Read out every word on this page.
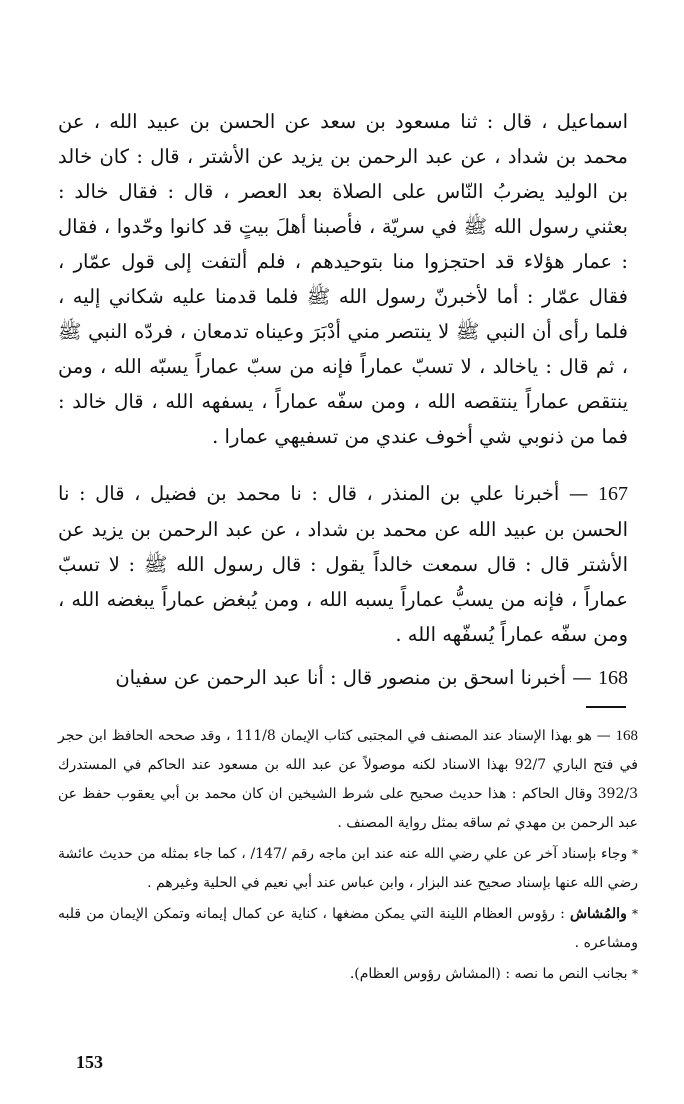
اسماعيل ، قال : ثنا مسعود بن سعد عن الحسن بن عبيد الله ، عن محمد بن شداد ، عن عبد الرحمن بن يزيد عن الأشتر ، قال : كان خالد بن الوليد يضربُ النّاس على الصلاة بعد العصر ، قال : فقال خالد : بعثني رسول الله ﷺ في سريّة ، فأصبنا أهلَ بيتٍ قد كانوا وحّدوا ، فقال : عمار هؤلاء قد احتجزوا منا بتوحيدهم ، فلم ألتفت إلى قول عمّار ، فقال عمّار : أما لأخبرنّ رسول الله ﷺ فلما قدمنا عليه شكاني إليه ، فلما رأى أن النبي ﷺ لا ينتصر مني أدْبَرَ وعيناه تدمعان ، فردّه النبي ﷺ ، ثم قال : ياخالد ، لا تسبّ عماراً فإنه من سبّ عماراً يسبّه الله ، ومن ينتقص عماراً ينتقصه الله ، ومن سفّه عماراً ، يسفهه الله ، قال خالد : فما من ذنوبي شي أخوف عندي من تسفيهي عمارا .

167 — أخبرنا علي بن المنذر ، قال : نا محمد بن فضيل ، قال : نا الحسن بن عبيد الله عن محمد بن شداد ، عن عبد الرحمن بن يزيد عن الأشتر قال : قال سمعت خالداً يقول : قال رسول الله ﷺ : لا تسبّ عماراً ، فإنه من يسبُّ عماراً يسبه الله ، ومن يُبغض عماراً يبغضه الله ، ومن سفّه عماراً يُسفّهه الله .

168 — أخبرنا اسحق بن منصور قال : أنا عبد الرحمن عن سفيان

168 — هو بهذا الإسناد عند المصنف في المجتبى كتاب الإيمان 111/8 ، وقد صححه الحافظ ابن حجر في فتح الباري 92/7 بهذا الاسناد لكنه موصولاً عن عبد الله بن مسعود عند الحاكم في المستدرك 392/3 وقال الحاكم : هذا حديث صحيح على شرط الشيخين ان كان محمد بن أبي يعقوب حفظ عن عبد الرحمن بن مهدي ثم ساقه بمثل رواية المصنف .

* وجاء بإسناد آخر عن علي رضي الله عنه عند ابن ماجه رقم /147/ ، كما جاء بمثله من حديث عائشة رضي الله عنها بإسناد صحيح عند البزار ، وابن عباس عند أبي نعيم في الحلية وغيرهم .

* والمُشاش : رؤوس العظام اللينة التي يمكن مضغها ، كناية عن كمال إيمانه وتمكن الإيمان من قلبه ومشاعره .

* بجانب النص ما نصه : (المشاش رؤوس العظام).

153
